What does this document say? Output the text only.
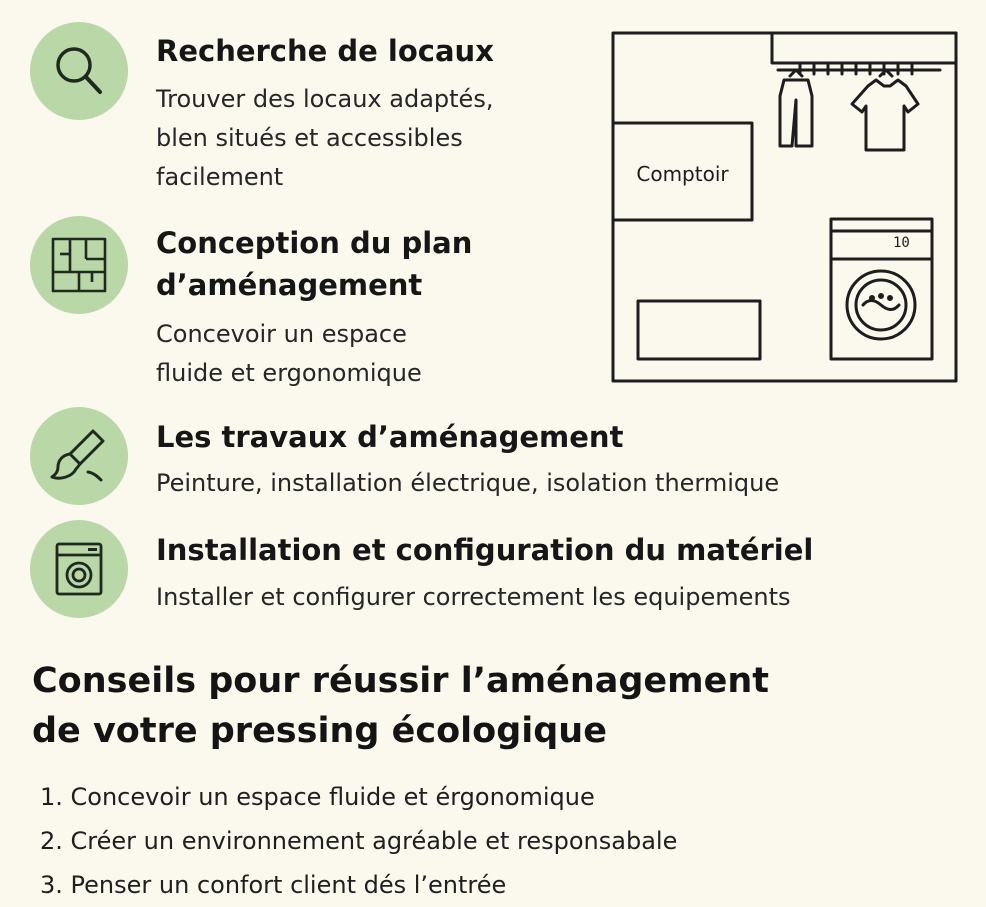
Recherche de locaux
Trouver des locaux adaptés,
blen situés et accessibles
facilement
Conception du plan
d’aménagement
Concevoir un espace
fluide et ergonomique
Les travaux d’aménagement
Peinture, installation électrique, isolation thermique
Installation et configuration du matériel
Installer et configurer correctement les equipements
Comptoir
10
Conseils pour réussir l’aménagement
de votre pressing écologique
1. Concevoir un espace fluide et érgonomique
2. Créer un environnement agréable et responsabale
3. Penser un confort client dés l’entrée
